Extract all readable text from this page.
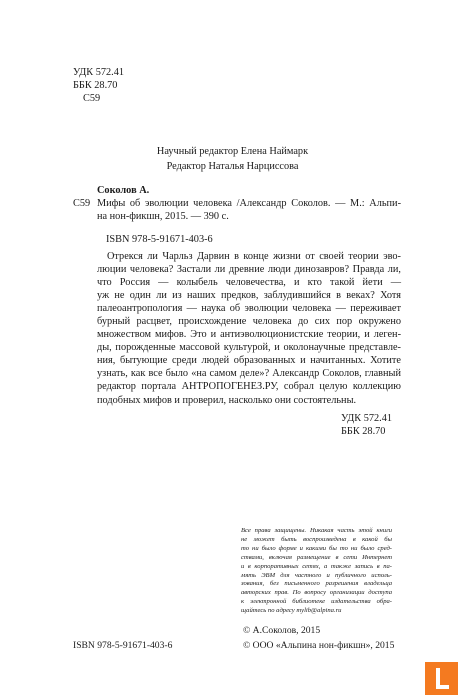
УДК 572.41
ББК 28.70
С59
Научный редактор Елена Наймарк
Редактор Наталья Нарциссова
Соколов А.
С59 Мифы об эволюции человека /Александр Соколов. — М.: Альпи-
на нон-фикшн, 2015. — 390 с.
ISBN 978-5-91671-403-6
Отрекся ли Чарльз Дарвин в конце жизни от своей теории эво-
люции человека? Застали ли древние люди динозавров? Правда ли,
что Россия — колыбель человечества, и кто такой йети —
уж не один ли из наших предков, заблудившийся в веках? Хотя
палеоантропология — наука об эволюции человека — переживает
бурный расцвет, происхождение человека до сих пор окружено
множеством мифов. Это и антиэволюционистские теории, и леген-
ды, порожденные массовой культурой, и околонаучные представле-
ния, бытующие среди людей образованных и начитанных. Хотите
узнать, как все было «на самом деле»? Александр Соколов, главный
редактор портала АНТРОПОГЕНЕЗ.РУ, собрал целую коллекцию
подобных мифов и проверил, насколько они состоятельны.
УДК 572.41
ББК 28.70
Все права защищены. Никакая часть этой книги
не может быть воспроизведена в какой бы
то ни было форме и какими бы то ни было сред-
ствами, включая размещение в сети Интернет
и в корпоративных сетях, а также запись в па-
мять ЭВМ для частного и публичного исполь-
зования, без письменного разрешения владельца
авторских прав. По вопросу организации доступа
к электронной библиотеке издательства обра-
щайтесь по адресу mylib@alpina.ru
© А.Соколов, 2015
ISBN 978-5-91671-403-6	© ООО «Альпина нон-фикшн», 2015
